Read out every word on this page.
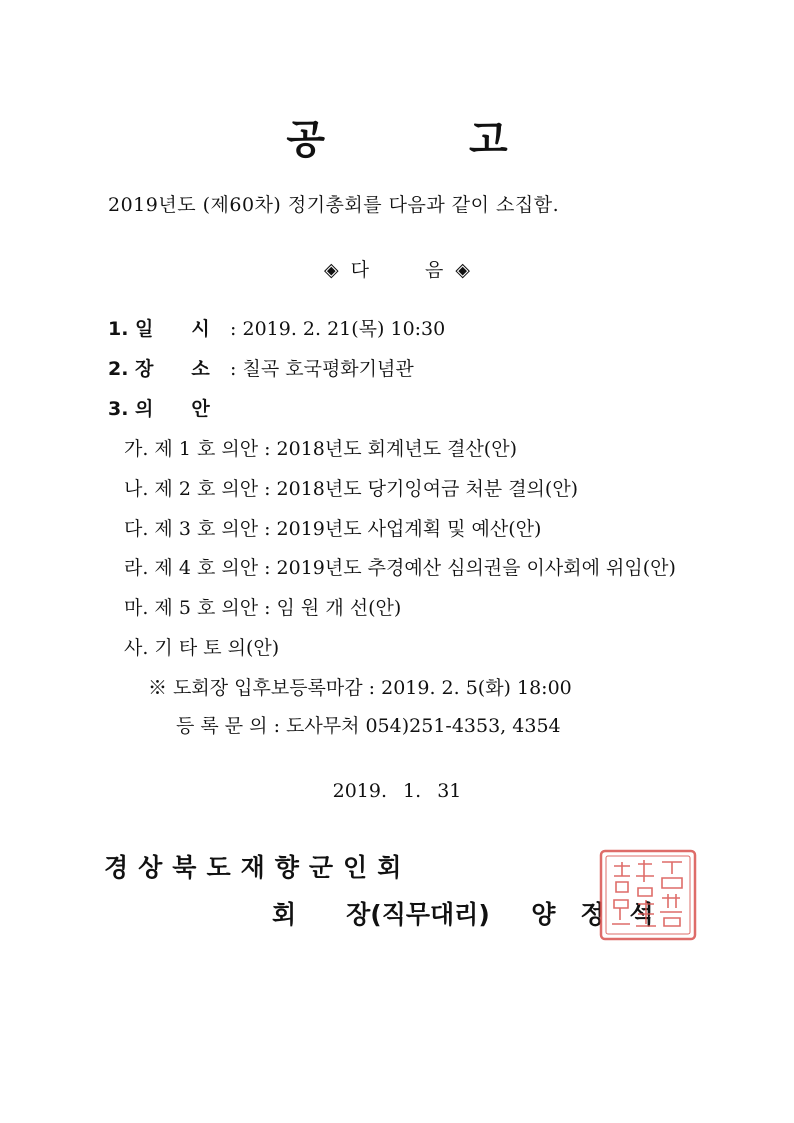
공 고
2019년도 (제60차) 정기총회를 다음과 같이 소집함.
◈ 다	음 ◈
1. 일　　시 : 2019. 2. 21(목) 10:30
2. 장　　소 : 칠곡 호국평화기념관
3. 의　　안
가. 제 1 호 의안 : 2018년도 회계년도 결산(안)
나. 제 2 호 의안 : 2018년도 당기잉여금 처분 결의(안)
다. 제 3 호 의안 : 2019년도 사업계획 및 예산(안)
라. 제 4 호 의안 : 2019년도 추경예산 심의권을 이사회에 위임(안)
마. 제 5 호 의안 : 임 원 개 선(안)
사. 기 타 토 의(안)
※ 도회장 입후보등록마감 : 2019. 2. 5(화) 18:00
등 록 문 의 : 도사무처 054)251-4353, 4354
2019. 1. 31
경상북도재향군인회
회　　장(직무대리) 양　정　석
